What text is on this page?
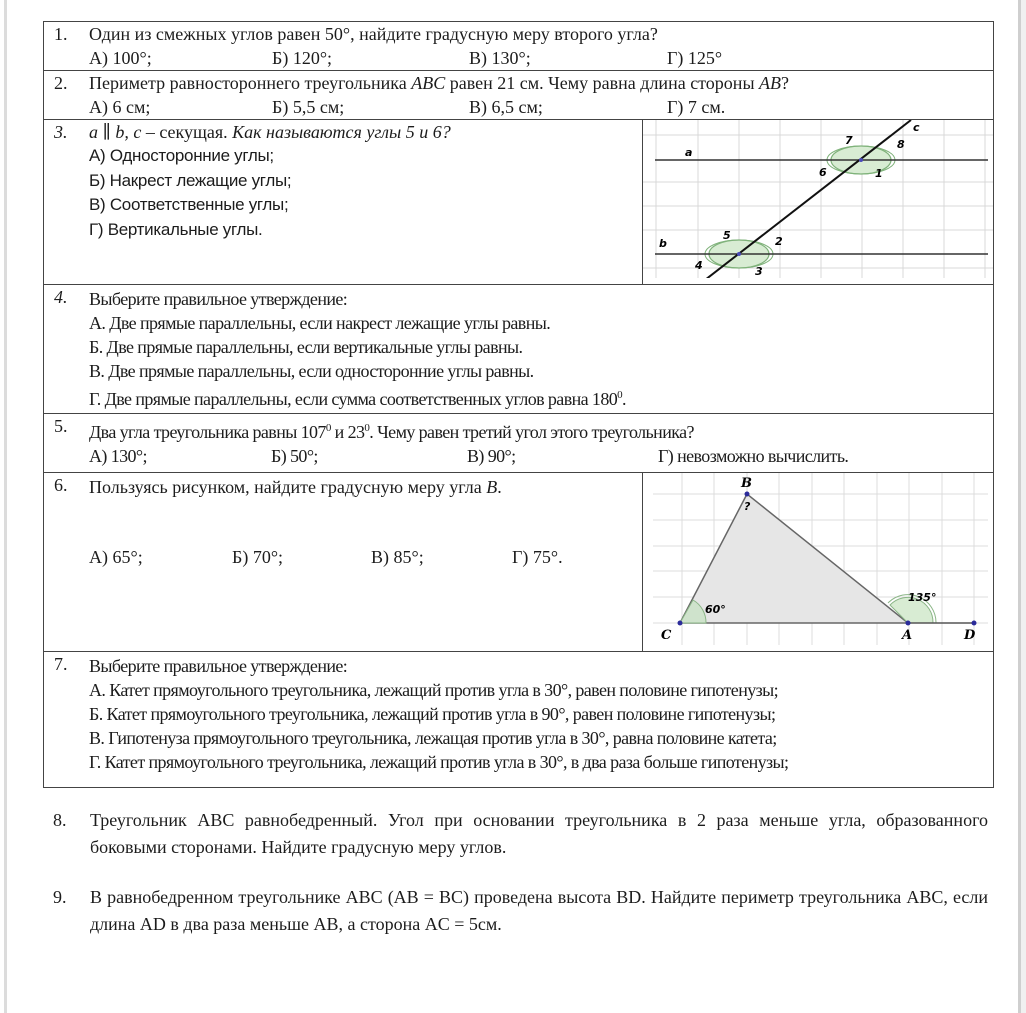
1. Один из смежных углов равен 50°, найдите градусную меру второго угла?
А) 100°;	Б) 120°;	В) 130°;	Г) 125°

2. Периметр равностороннего треугольника ABC равен 21 см. Чему равна длина стороны AB?
А) 6 см;	Б) 5,5 см;	В) 6,5 см;	Г) 7 см.

3. a ∥ b, c – секущая. Как называются углы 5 и 6?
А) Односторонние углы;
Б) Накрест лежащие углы;
В) Соответственные углы;
Г) Вертикальные углы.

a
b
c
1
2
3
4
5
6
7	8

4. Выберите правильное утверждение:
А. Две прямые параллельны, если накрест лежащие углы равны.
Б. Две прямые параллельны, если вертикальные углы равны.
В. Две прямые параллельны, если односторонние углы равны.
Г. Две прямые параллельны, если сумма соответственных углов равна $180^0$.

5. Два угла треугольника равны $107^0$ и $23^0$. Чему равен третий угол этого треугольника?
А) 130°;	Б) 50°;	В) 90°;	Г) невозможно вычислить.

6. Пользуясь рисунком, найдите градусную меру угла B.
А) 65°;	Б) 70°;	В) 85°;	Г) 75°.

B
C	A	D
?
60°
135°

7. Выберите правильное утверждение:
А. Катет прямоугольного треугольника, лежащий против угла в 30°, равен половине гипотенузы;
Б. Катет прямоугольного треугольника, лежащий против угла в 90°, равен половине гипотенузы;
В. Гипотенуза прямоугольного треугольника, лежащая против угла в 30°, равна половине катета;
Г. Катет прямоугольного треугольника, лежащий против угла в 30°, в два раза больше гипотенузы;
8.	Треугольник ABC равнобедренный. Угол при основании треугольника в 2 раза меньше угла, образованного боковыми сторонами. Найдите градусную меру углов.
9.	В равнобедренном треугольнике ABC (AB = BC) проведена высота BD. Найдите периметр треугольника ABC, если длина AD в два раза меньше AB, а сторона AC = 5см.
